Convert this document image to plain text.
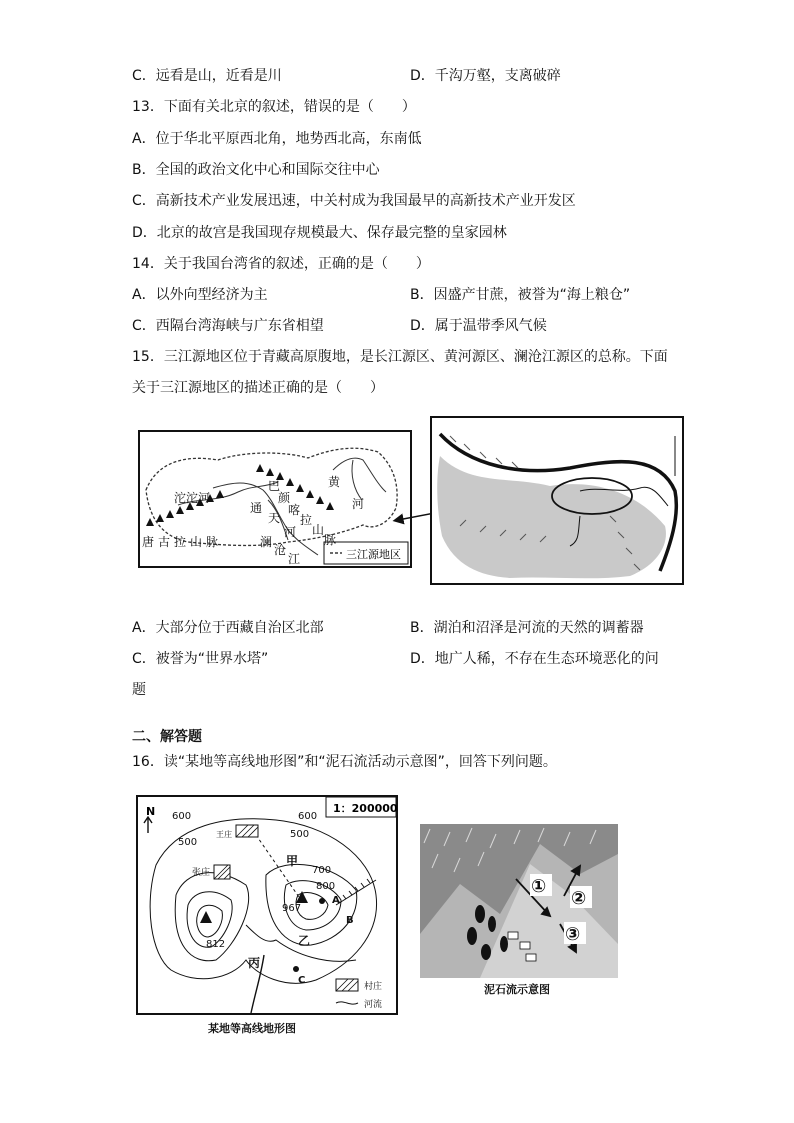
C．远看是山，近看是川	D．千沟万壑，支离破碎
13．下面有关北京的叙述，错误的是（　　）
A．位于华北平原西北角，地势西北高，东南低
B．全国的政治文化中心和国际交往中心
C．高新技术产业发展迅速，中关村成为我国最早的高新技术产业开发区
D．北京的故宫是我国现存规模最大、保存最完整的皇家园林
14．关于我国台湾省的叙述，正确的是（　　）
A．以外向型经济为主	B．因盛产甘蔗，被誉为“海上粮仓”
C．西隔台湾海峡与广东省相望	D．属于温带季风气候
15．三江源地区位于青藏高原腹地，是长江源区、黄河源区、澜沧江源区的总称。下面
关于三江源地区的描述正确的是（　　）
三江源地区
沱沱河
通
天
河
巴
颜
喀
拉
山
脉
黄
河
唐古拉山脉	澜
沧
江
A．大部分位于西藏自治区北部	B．湖泊和沼泽是河流的天然的调蓄器
C．被誉为“世界水塔”	D．地广人稀，不存在生态环境恶化的问
题
二、解答题
16．读“某地等高线地形图”和“泥石流活动示意图”，回答下列问题。
1：200000
N 600
500
500
600
700
800
王庄
张庄
甲
乙
丙
967
812
A
B
C
村庄
河流
某地等高线地形图
①
②
③
泥石流示意图
